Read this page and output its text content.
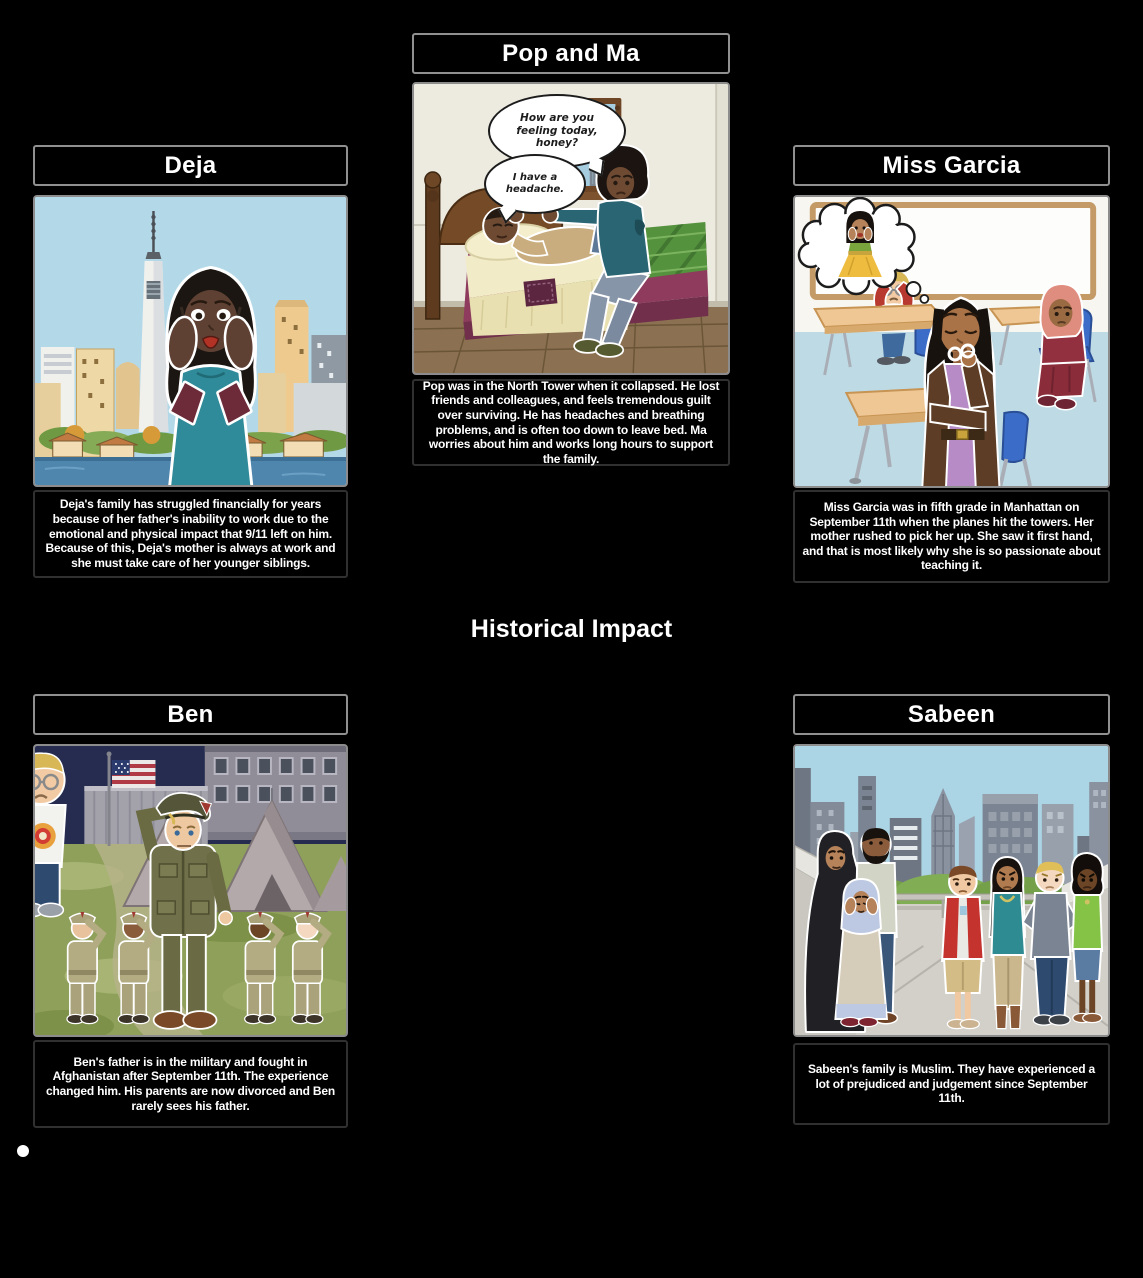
Deja
Deja's family has struggled financially for years because of her father's inability to work due to the emotional and physical impact that 9/11 left on him. Because of this, Deja's mother is always at work and she must take care of her younger siblings.
Pop and Ma
How are you feeling today, honey?
I have a headache.
Pop was in the North Tower when it collapsed. He lost friends and colleagues, and feels tremendous guilt over surviving. He has headaches and breathing problems, and is often too down to leave bed. Ma worries about him and works long hours to support the family.
Miss Garcia
Miss Garcia was in fifth grade in Manhattan on September 11th when the planes hit the towers. Her mother rushed to pick her up. She saw it first hand, and that is most likely why she is so passionate about teaching it.
Historical Impact
Ben
Ben's father is in the military and fought in Afghanistan after September 11th. The experience changed him. His parents are now divorced and Ben rarely sees his father.
Sabeen
Sabeen's family is Muslim. They have experienced a lot of prejudiced and judgement since September 11th.
